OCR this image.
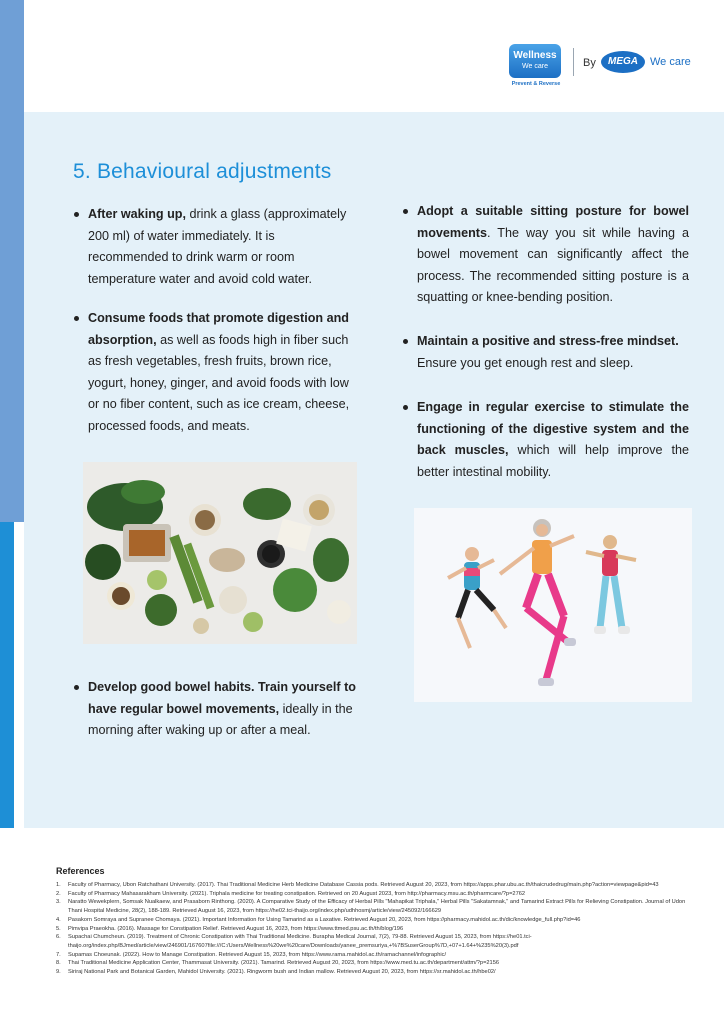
Wellness
We care
Prevent & Reverse
By	MEGA	We care
5. Behavioural adjustments

After waking up, drink a glass (approximately 200 ml) of water immediately. It is recommended to drink warm or room temperature water and avoid cold water.

Consume foods that promote digestion and absorption, as well as foods high in fiber such as fresh vegetables, fresh fruits, brown rice, yogurt, honey, ginger, and avoid foods with low or no fiber content, such as ice cream, cheese, processed foods, and meats.

Adopt a suitable sitting posture for bowel movements. The way you sit while having a bowel movement can significantly affect the process. The recommended sitting posture is a squatting or knee-bending position.

Maintain a positive and stress-free mindset. Ensure you get enough rest and sleep.

Engage in regular exercise to stimulate the functioning of the digestive system and the back muscles, which will help improve the better intestinal mobility.

Develop good bowel habits. Train yourself to have regular bowel movements, ideally in the morning after waking up or after a meal.

References
1. Faculty of Pharmacy, Ubon Ratchathani University. (2017). Thai Traditional Medicine Herb Medicine Database Cassia pods. Retrieved August 20, 2023, from https://apps.phar.ubu.ac.th/thaicrudedrug/main.php?action=viewpage&pid=43
2. Faculty of Pharmacy Mahasarakham University. (2021). Triphala medicine for treating constipation. Retrieved on 20 August 2023, from http://pharmacy.msu.ac.th/pharmcare/?p=2762
3. Naratto Wewekplern, Somsak Nualkaew, and Prasaborn Rinthong. (2020). A Comparative Study of the Efficacy of Herbal Pills "Mahapikat Triphala," Herbal Pills "Sakatamnak," and Tamarind Extract Pills for Relieving Constipation. Journal of Udon Thani Hospital Medicine, 28(2), 188-189. Retrieved August 16, 2023, from https://he02.tci-thaijo.org/index.php/udhhosmj/article/view/245092/166629
4. Pasakorn Somraya and Supranee Chomaya. (2021). Important Information for Using Tamarind as a Laxative. Retrieved August 20, 2023, from https://pharmacy.mahidol.ac.th/dic/knowledge_full.php?id=46
5. Pimvipa Praeokha. (2016). Massage for Constipation Relief. Retrieved August 16, 2023, from https://www.ttmed.psu.ac.th/th/blog/196
6. Supachai Chumcheun. (2019). Treatment of Chronic Constipation with Thai Traditional Medicine. Burapha Medical Journal, 7(2), 79-88. Retrieved August 15, 2023, from https://he01.tci-thaijo.org/index.php/BJmed/article/view/246901/167607file:///C:/Users/Wellness%20we%20care/Downloads/yanee_premsuriya,+%7BSuserGroup%7D,+07+1.64+%235%20(3).pdf
7. Supamas Choeunak. (2022). How to Manage Constipation. Retrieved August 15, 2023, from https://www.rama.mahidol.ac.th/ramachannel/infographic/
8. Thai Traditional Medicine Application Center, Thammasat University. (2021). Tamarind. Retrieved August 20, 2023, from https://www.med.tu.ac.th/department/attm/?p=2156
9. Siriraj National Park and Botanical Garden, Mahidol University. (2021). Ringworm bush and Indian mallow. Retrieved August 20, 2023, from https://sr.mahidol.ac.th/hbe02/
